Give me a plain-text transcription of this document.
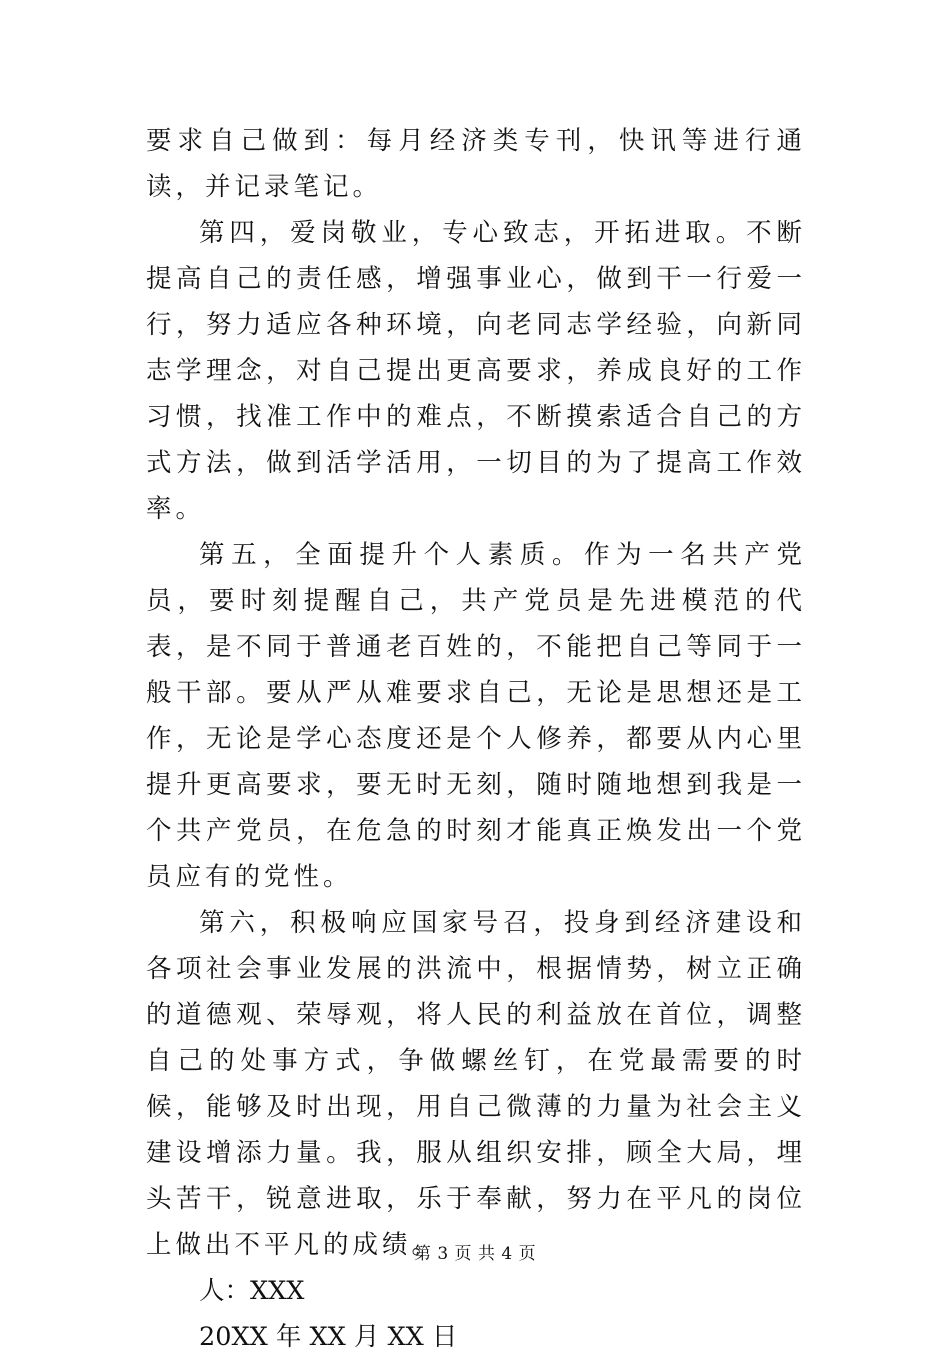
要求自己做到：每月经济类专刊，快讯等进行通读，并记录笔记。

第四，爱岗敬业，专心致志，开拓进取。不断提高自己的责任感，增强事业心，做到干一行爱一行，努力适应各种环境，向老同志学经验，向新同志学理念，对自己提出更高要求，养成良好的工作习惯，找准工作中的难点，不断摸索适合自己的方式方法，做到活学活用，一切目的为了提高工作效率。

第五，全面提升个人素质。作为一名共产党员，要时刻提醒自己，共产党员是先进模范的代表，是不同于普通老百姓的，不能把自己等同于一般干部。要从严从难要求自己，无论是思想还是工作，无论是学心态度还是个人修养，都要从内心里提升更高要求，要无时无刻，随时随地想到我是一个共产党员，在危急的时刻才能真正焕发出一个党员应有的党性。

第六，积极响应国家号召，投身到经济建设和各项社会事业发展的洪流中，根据情势，树立正确的道德观、荣辱观，将人民的利益放在首位，调整自己的处事方式，争做螺丝钉，在党最需要的时候，能够及时出现，用自己微薄的力量为社会主义建设增添力量。我，服从组织安排，顾全大局，埋头苦干，锐意进取，乐于奉献，努力在平凡的岗位上做出不平凡的成绩。

人：XXX

20XX 年 XX 月 XX 日

第 3 页 共 4 页
